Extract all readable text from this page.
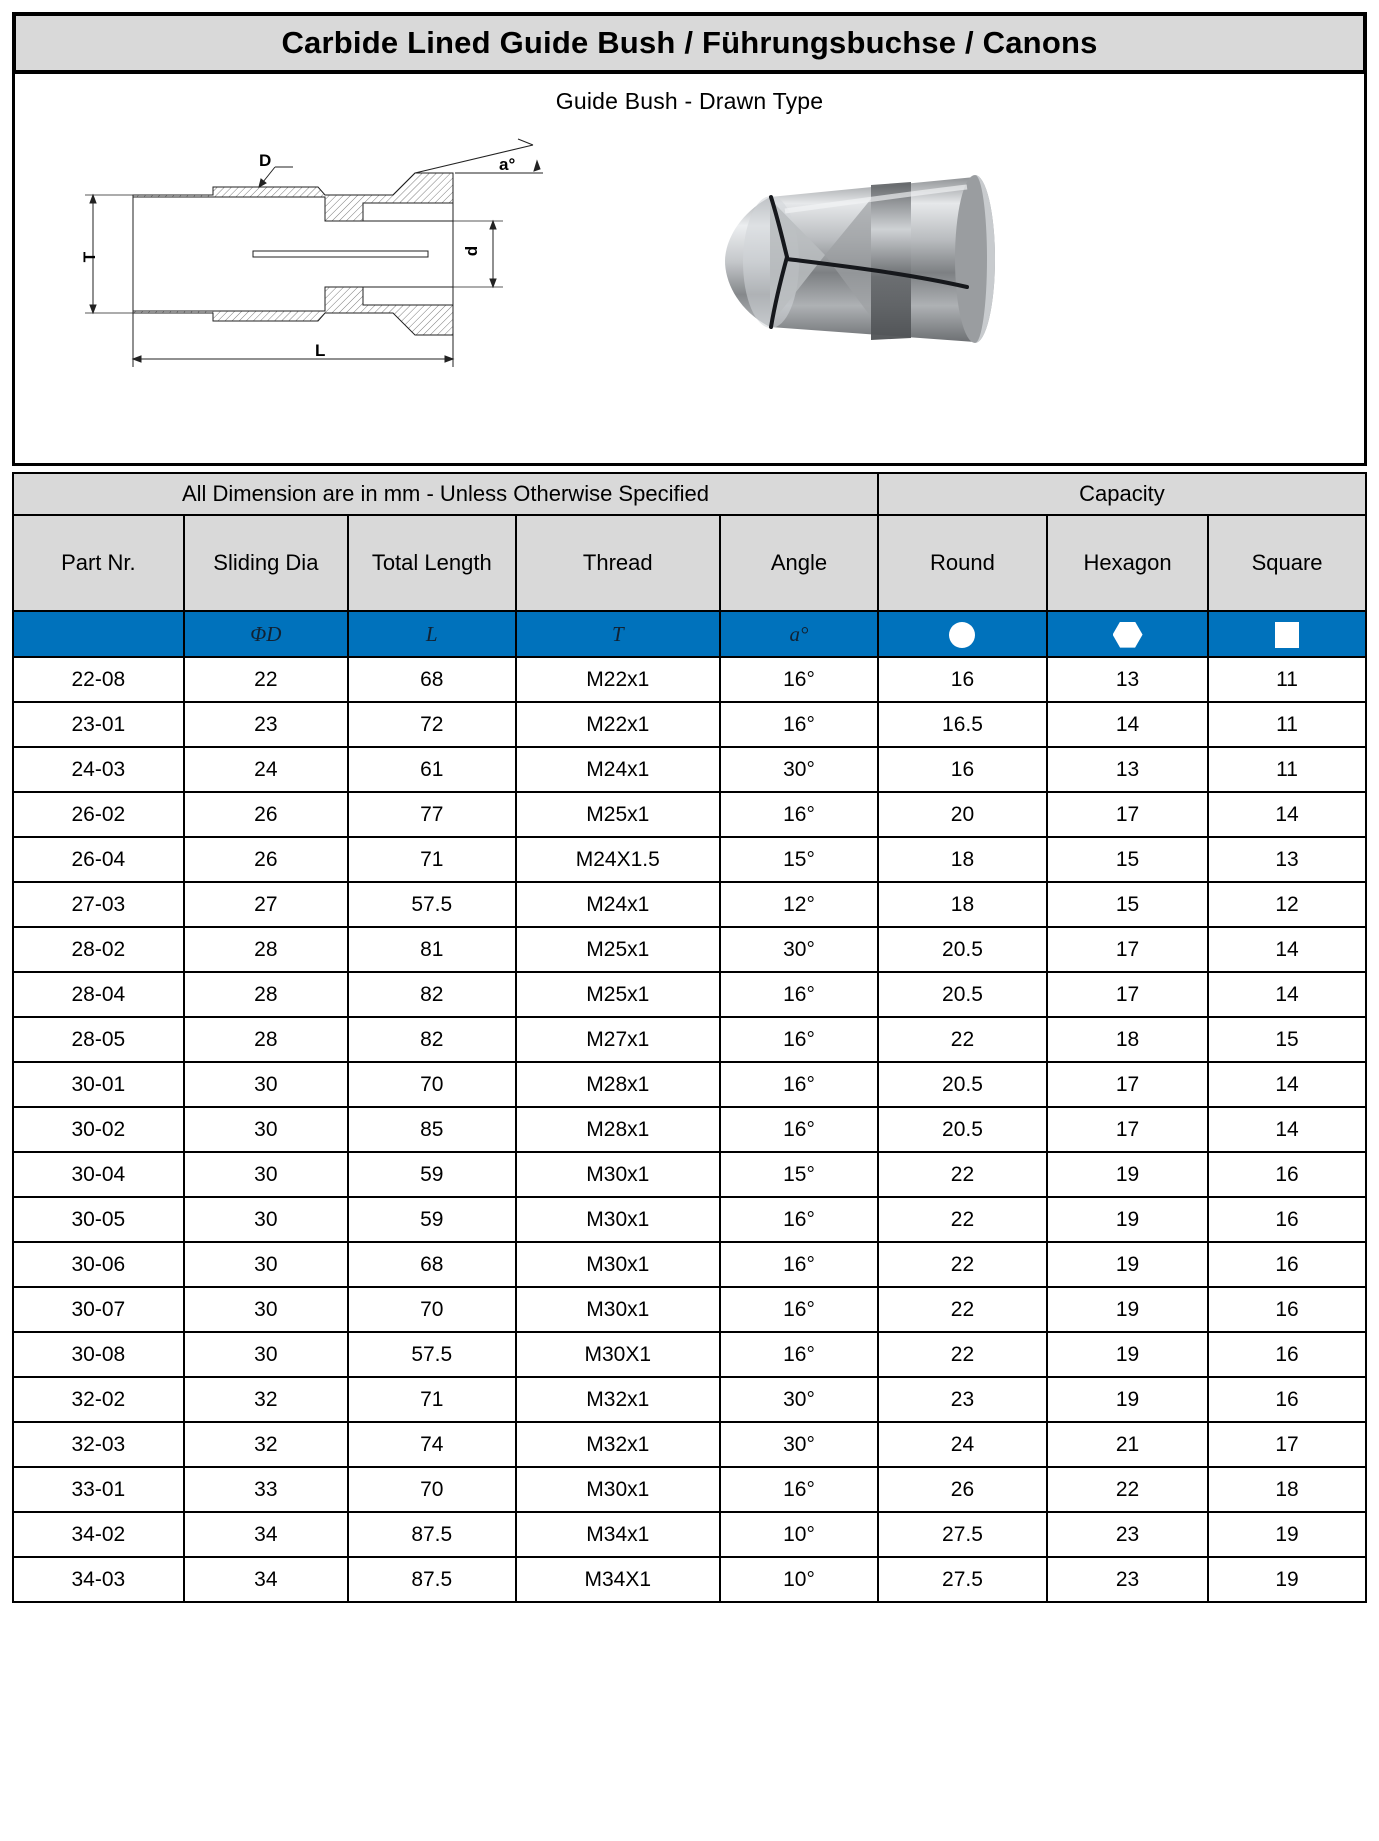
Carbide Lined Guide Bush / Führungsbuchse / Canons
Guide Bush - Drawn Type
T
d
D	a°
L
All Dimension are in mm - Unless Otherwise Specified					Capacity		
Part Nr.	Sliding Dia	Total Length	Thread	Angle	Round	Hexagon	Square
	ΦD	L	T	a°			
22-08	22	68	M22x1	16°	16	13	11
23-01	23	72	M22x1	16°	16.5	14	11
24-03	24	61	M24x1	30°	16	13	11
26-02	26	77	M25x1	16°	20	17	14
26-04	26	71	M24X1.5	15°	18	15	13
27-03	27	57.5	M24x1	12°	18	15	12
28-02	28	81	M25x1	30°	20.5	17	14
28-04	28	82	M25x1	16°	20.5	17	14
28-05	28	82	M27x1	16°	22	18	15
30-01	30	70	M28x1	16°	20.5	17	14
30-02	30	85	M28x1	16°	20.5	17	14
30-04	30	59	M30x1	15°	22	19	16
30-05	30	59	M30x1	16°	22	19	16
30-06	30	68	M30x1	16°	22	19	16
30-07	30	70	M30x1	16°	22	19	16
30-08	30	57.5	M30X1	16°	22	19	16
32-02	32	71	M32x1	30°	23	19	16
32-03	32	74	M32x1	30°	24	21	17
33-01	33	70	M30x1	16°	26	22	18
34-02	34	87.5	M34x1	10°	27.5	23	19
34-03	34	87.5	M34X1	10°	27.5	23	19
